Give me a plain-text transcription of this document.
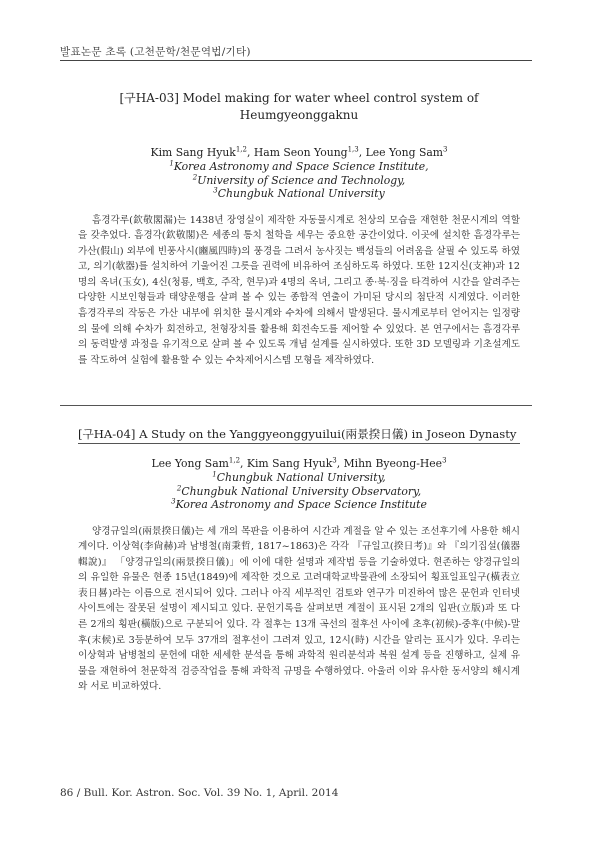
발표논문 초록 (고천문학/천문역법/기타)
[구HA-03] Model making for water wheel control system of Heumgyeonggaknu
Kim Sang Hyuk$^{1,2}$, Ham Seon Young$^{1,3}$, Lee Yong Sam$^3$
$^1$Korea Astronomy and Space Science Institute,
$^2$University of Science and Technology,
$^3$Chungbuk National University
흠경각루(欽敬閣漏)는 1438년 장영실이 제작한 자동물시계로 천상의 모습을 재현한 천문시계의 역할을 갖추었다. 흠경각(欽敬閣)은 세종의 통치 철학을 세우는 중요한 공간이었다. 이곳에 설치한 흠경각루는 가산(假山) 외부에 빈풍사시(豳風四時)의 풍경을 그려서 농사짓는 백성들의 어려움을 살필 수 있도록 하였고, 의기(欹器)를 설치하여 기울어진 그릇을 권력에 비유하여 조심하도록 하였다. 또한 12지신(支神)과 12명의 옥녀(玉女), 4신(청룡, 백호, 주작, 현무)과 4명의 옥녀, 그리고 종·북·징을 타격하여 시간을 알려주는 다양한 시보인형들과 태양운행을 살펴 볼 수 있는 종합적 연출이 가미된 당시의 첨단적 시계였다. 이러한 흠경각루의 작동은 가산 내부에 위치한 물시계와 수차에 의해서 발생된다. 물시계로부터 얻어지는 일정량의 물에 의해 수차가 회전하고, 천형장치를 활용해 회전속도를 제어할 수 있었다. 본 연구에서는 흠경각루의 동력발생 과정을 유기적으로 살펴 볼 수 있도록 개념 설계를 실시하였다. 또한 3D 모델링과 기초설계도를 작도하여 실험에 활용할 수 있는 수차제어시스템 모형을 제작하였다.
[구HA-04] A Study on the Yanggyeonggyuilui(兩景揆日儀) in Joseon Dynasty
Lee Yong Sam$^{1,2}$, Kim Sang Hyuk$^3$, Mihn Byeong-Hee$^3$
$^1$Chungbuk National University,
$^2$Chungbuk National University Observatory,
$^3$Korea Astronomy and Space Science Institute
양경규일의(兩景揆日儀)는 세 개의 목판을 이용하여 시간과 계절을 알 수 있는 조선후기에 사용한 해시계이다. 이상혁(李尙赫)과 남병철(南秉哲, 1817~1863)은 각각 『규일고(揆日考)』와 『의기집설(儀器輯說)』 「양경규일의(兩景揆日儀)」에 이에 대한 설명과 제작법 등을 기술하였다. 현존하는 양경규일의의 유일한 유물은 현종 15년(1849)에 제작한 것으로 고려대학교박물관에 소장되어 횡표일표일구(橫表立表日晷)라는 이름으로 전시되어 있다. 그러나 아직 세부적인 검토와 연구가 미진하여 많은 문헌과 인터넷 사이트에는 잘못된 설명이 제시되고 있다. 문헌기록을 살펴보면 계절이 표시된 2개의 입판(立版)과 또 다른 2개의 횡판(橫版)으로 구분되어 있다. 각 절후는 13개 곡선의 절후선 사이에 초후(初候)-중후(中候)-말후(末候)로 3등분하여 모두 37개의 절후선이 그려져 있고, 12시(時) 시간을 알리는 표시가 있다. 우리는 이상혁과 남병철의 문헌에 대한 세세한 분석을 통해 과학적 원리분석과 복원 설계 등을 진행하고, 실제 유물을 재현하여 천문학적 검증작업을 통해 과학적 규명을 수행하였다. 아울러 이와 유사한 동서양의 해시계와 서로 비교하였다.
86 / Bull. Kor. Astron. Soc. Vol. 39 No. 1, April. 2014
